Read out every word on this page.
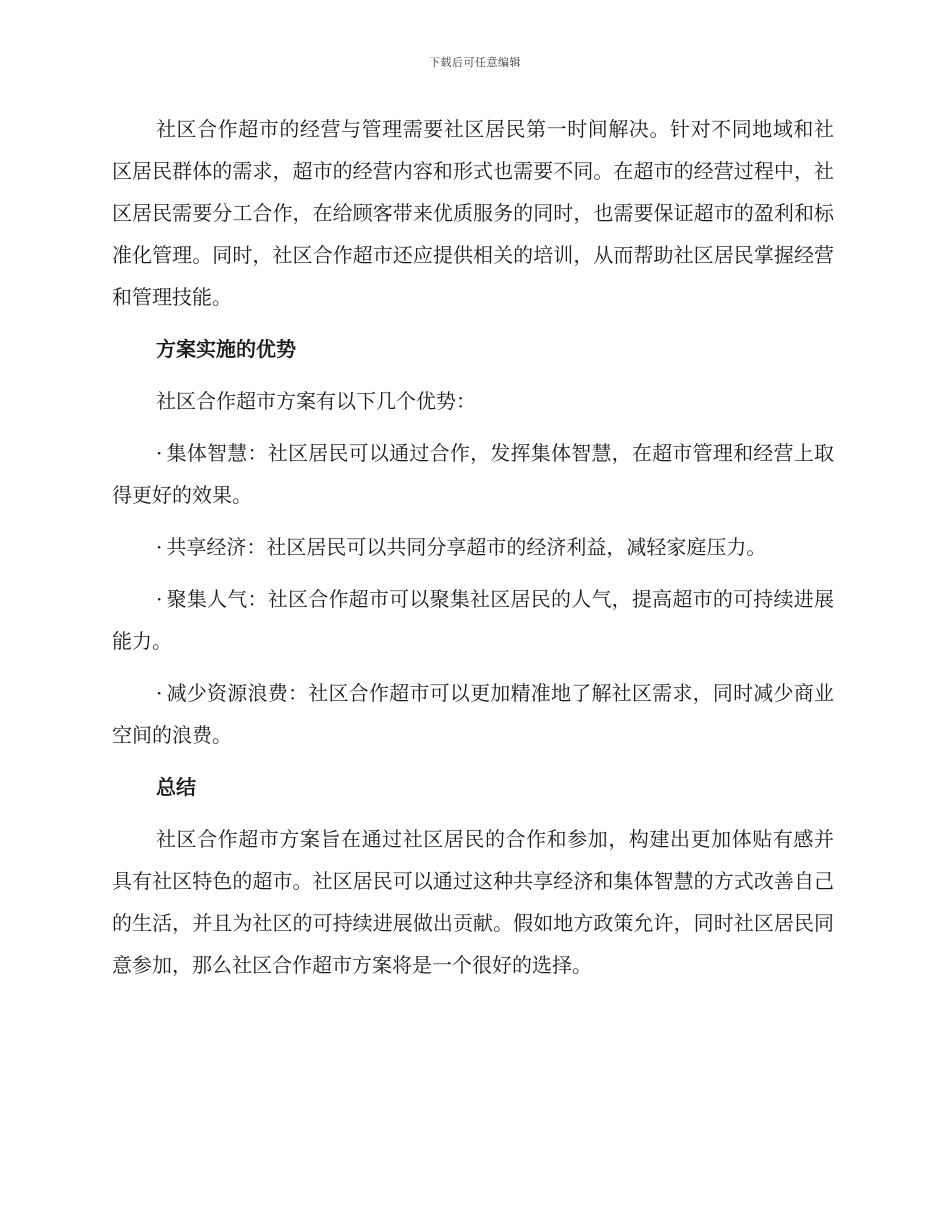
下载后可任意编辑

社区合作超市的经营与管理需要社区居民第一时间解决。针对不同地域和社区居民群体的需求，超市的经营内容和形式也需要不同。在超市的经营过程中，社区居民需要分工合作，在给顾客带来优质服务的同时，也需要保证超市的盈利和标准化管理。同时，社区合作超市还应提供相关的培训，从而帮助社区居民掌握经营和管理技能。

方案实施的优势

社区合作超市方案有以下几个优势：

· 集体智慧：社区居民可以通过合作，发挥集体智慧，在超市管理和经营上取得更好的效果。

· 共享经济：社区居民可以共同分享超市的经济利益，减轻家庭压力。

· 聚集人气：社区合作超市可以聚集社区居民的人气，提高超市的可持续进展能力。

· 减少资源浪费：社区合作超市可以更加精准地了解社区需求，同时减少商业空间的浪费。

总结

社区合作超市方案旨在通过社区居民的合作和参加，构建出更加体贴有感并具有社区特色的超市。社区居民可以通过这种共享经济和集体智慧的方式改善自己的生活，并且为社区的可持续进展做出贡献。假如地方政策允许，同时社区居民同意参加，那么社区合作超市方案将是一个很好的选择。
